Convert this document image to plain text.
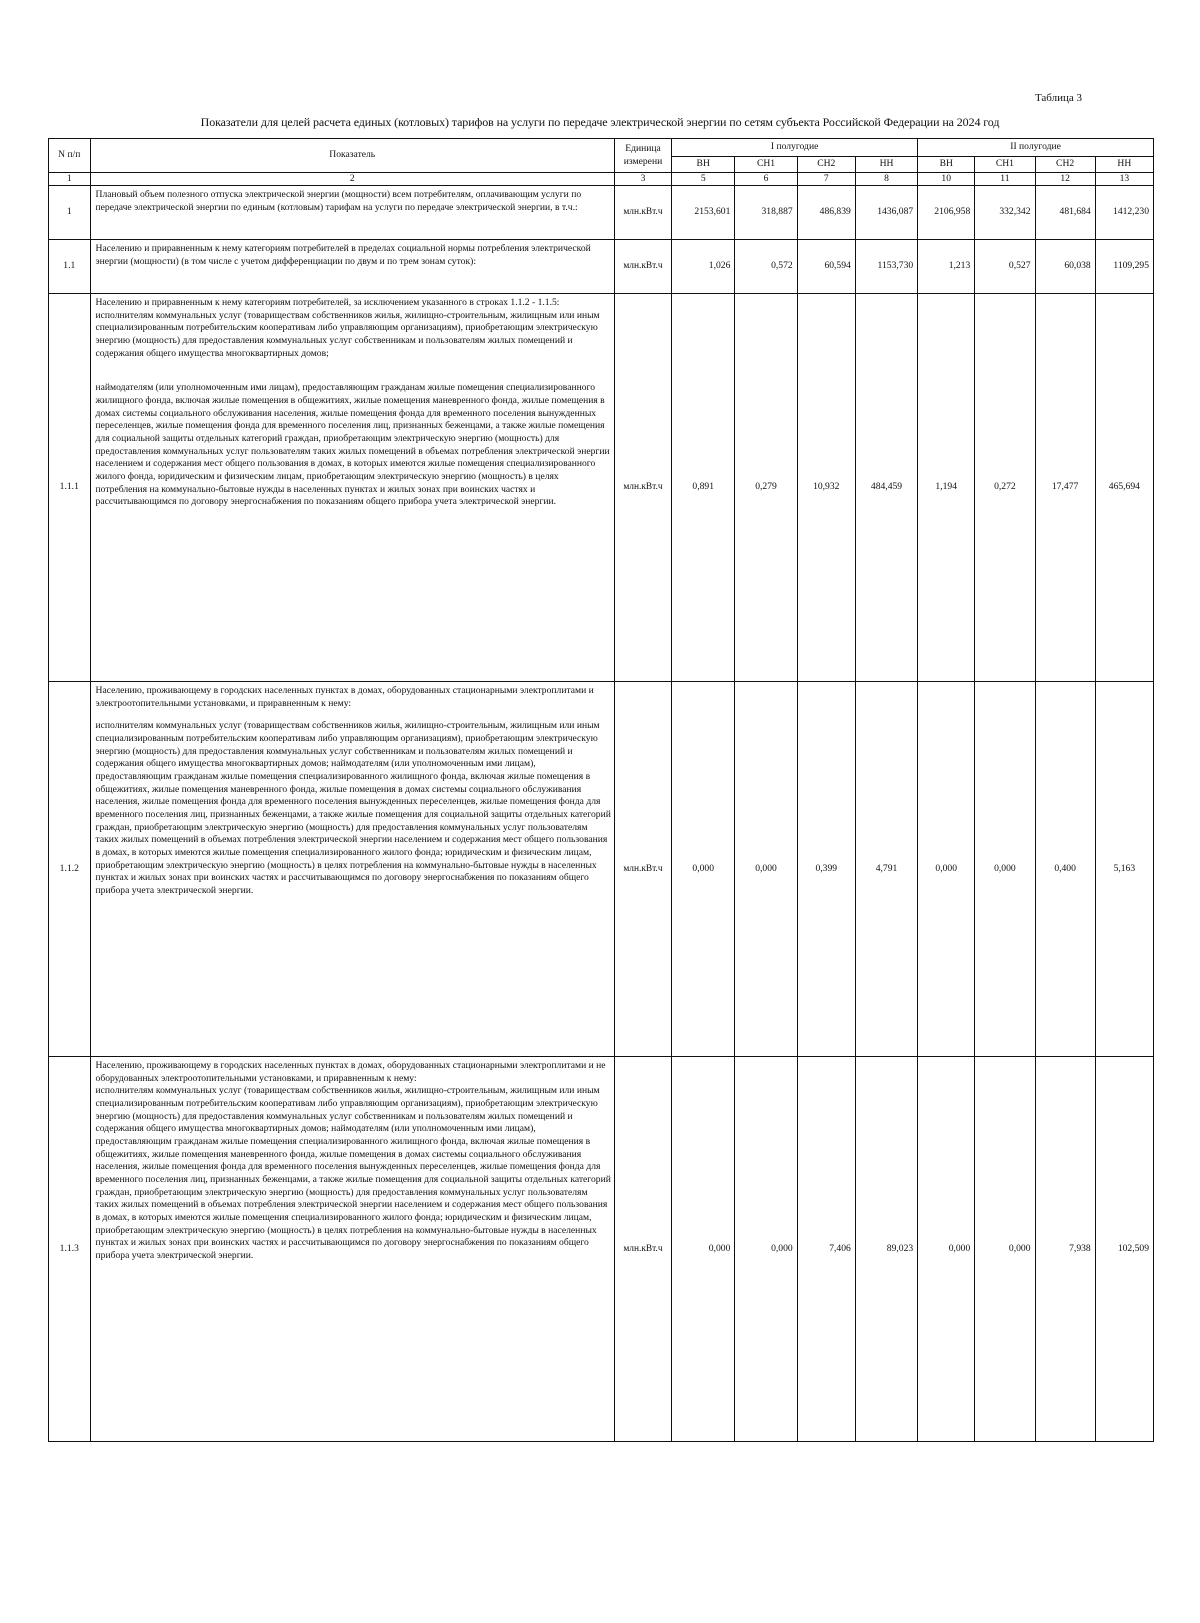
Таблица 3
Показатели для целей расчета единых (котловых) тарифов на услуги по передаче электрической энергии по сетям субъекта Российской Федерации на 2024 год
N п/п	Показатель	Единица
измерени	I полугодие				II полугодие			
			ВН	СН1	СН2	НН	ВН	СН1	СН2	НН
1	2	3	5	6	7	8	10	11	12	13
1	Плановый объем полезного отпуска электрической энергии (мощности) всем потребителям, оплачивающим услуги по передаче электрической энергии по единым (котловым) тарифам на услуги по передаче электрической энергии, в т.ч.:	млн.кВт.ч	2153,601	318,887	486,839	1436,087	2106,958	332,342	481,684	1412,230
1.1	Населению и приравненным к нему категориям потребителей в пределах социальной нормы потребления электрической энергии (мощности) (в том числе с учетом дифференциации по двум и по трем зонам суток):	млн.кВт.ч	1,026	0,572	60,594	1153,730	1,213	0,527	60,038	1109,295
1.1.1	Населению и приравненным к нему категориям потребителей, за исключением указанного в строках 1.1.2 - 1.1.5:
исполнителям коммунальных услуг (товариществам собственников жилья, жилищно-строительным, жилищным или иным специализированным потребительским кооперативам либо управляющим организациям), приобретающим электрическую энергию (мощность) для предоставления коммунальных услуг собственникам и пользователям жилых помещений и содержания общего имущества многоквартирных домов;
наймодателям (или уполномоченным ими лицам), предоставляющим гражданам жилые помещения специализированного жилищного фонда, включая жилые помещения в общежитиях, жилые помещения маневренного фонда, жилые помещения в домах системы социального обслуживания населения, жилые помещения фонда для временного поселения вынужденных переселенцев, жилые помещения фонда для временного поселения лиц, признанных беженцами, а также жилые помещения для социальной защиты отдельных категорий граждан, приобретающим электрическую энергию (мощность) для предоставления коммунальных услуг пользователям таких жилых помещений в объемах потребления электрической энергии населением и содержания мест общего пользования в домах, в которых имеются жилые помещения специализированного жилого фонда, юридическим и физическим лицам, приобретающим электрическую энергию (мощность) в целях потребления на коммунально-бытовые нужды в населенных пунктах и жилых зонах при воинских частях и рассчитывающимся по договору энергоснабжения по показаниям общего прибора учета электрической энергии.	млн.кВт.ч	0,891	0,279	10,932	484,459	1,194	0,272	17,477	465,694
1.1.2	Населению, проживающему в городских населенных пунктах в домах, оборудованных стационарными электроплитами и электроотопительными установками, и приравненным к нему:
исполнителям коммунальных услуг (товариществам собственников жилья, жилищно-строительным, жилищным или иным специализированным потребительским кооперативам либо управляющим организациям), приобретающим электрическую энергию (мощность) для предоставления коммунальных услуг собственникам и пользователям жилых помещений и содержания общего имущества многоквартирных домов; наймодателям (или уполномоченным ими лицам), предоставляющим гражданам жилые помещения специализированного жилищного фонда, включая жилые помещения в общежитиях, жилые помещения маневренного фонда, жилые помещения в домах системы социального обслуживания населения, жилые помещения фонда для временного поселения вынужденных переселенцев, жилые помещения фонда для временного поселения лиц, признанных беженцами, а также жилые помещения для социальной защиты отдельных категорий граждан, приобретающим электрическую энергию (мощность) для предоставления коммунальных услуг пользователям таких жилых помещений в объемах потребления электрической энергии населением и содержания мест общего пользования в домах, в которых имеются жилые помещения специализированного жилого фонда; юридическим и физическим лицам, приобретающим электрическую энергию (мощность) в целях потребления на коммунально-бытовые нужды в населенных пунктах и жилых зонах при воинских частях и рассчитывающимся по договору энергоснабжения по показаниям общего прибора учета электрической энергии.	млн.кВт.ч	0,000	0,000	0,399	4,791	0,000	0,000	0,400	5,163
1.1.3	Населению, проживающему в городских населенных пунктах в домах, оборудованных стационарными электроплитами и не оборудованных электроотопительными установками, и приравненным к нему:
исполнителям коммунальных услуг (товариществам собственников жилья, жилищно-строительным, жилищным или иным специализированным потребительским кооперативам либо управляющим организациям), приобретающим электрическую энергию (мощность) для предоставления коммунальных услуг собственникам и пользователям жилых помещений и содержания общего имущества многоквартирных домов; наймодателям (или уполномоченным ими лицам), предоставляющим гражданам жилые помещения специализированного жилищного фонда, включая жилые помещения в общежитиях, жилые помещения маневренного фонда, жилые помещения в домах системы социального обслуживания населения, жилые помещения фонда для временного поселения вынужденных переселенцев, жилые помещения фонда для временного поселения лиц, признанных беженцами, а также жилые помещения для социальной защиты отдельных категорий граждан, приобретающим электрическую энергию (мощность) для предоставления коммунальных услуг пользователям таких жилых помещений в объемах потребления электрической энергии населением и содержания мест общего пользования в домах, в которых имеются жилые помещения специализированного жилого фонда; юридическим и физическим лицам, приобретающим электрическую энергию (мощность) в целях потребления на коммунально-бытовые нужды в населенных пунктах и жилых зонах при воинских частях и рассчитывающимся по договору энергоснабжения по показаниям общего прибора учета электрической энергии.	млн.кВт.ч	0,000	0,000	7,406	89,023	0,000	0,000	7,938	102,509
